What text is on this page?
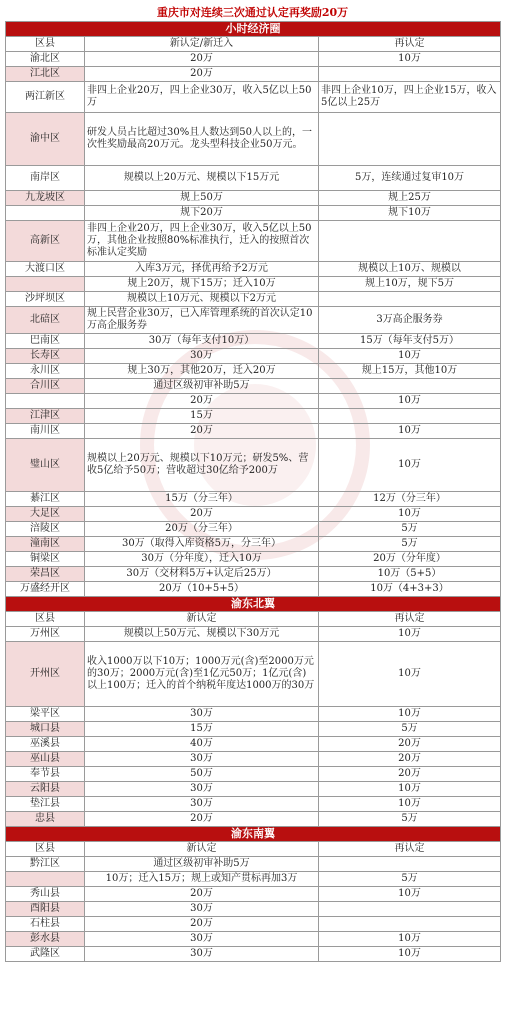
重庆市对连续三次通过认定再奖励20万
小时经济圈		
区县	新认定/新迁入	再认定
渝北区	20万	10万
江北区	20万	
两江新区	非四上企业20万，四上企业30万，收入5亿以上50万	非四上企业10万，四上企业15万，收入5亿以上25万
渝中区	研发人员占比超过30%且人数达到50人以上的，一次性奖励最高20万元。龙头型科技企业50万元。	
南岸区	规模以上20万元、规模以下15万元	5万，连续通过复审10万
九龙坡区	规上50万	规上25万
	规下20万	规下10万
高新区	非四上企业20万，四上企业30万，收入5亿以上50万，其他企业按照80%标准执行，迁入的按照首次标准认定奖励	
大渡口区	入库3万元，择优再给予2万元	规模以上10万、规模以
	规上20万，规下15万；迁入10万	规上10万，规下5万
沙坪坝区	规模以上10万元、规模以下2万元	
北碚区	规上民营企业30万，已入库管理系统的首次认定10万高企服务券	3万高企服务券
巴南区	30万（每年支付10万）	15万（每年支付5万）
长寿区	30万	10万
永川区	规上30万，其他20万，迁入20万	规上15万，其他10万
合川区	通过区级初审补助5万	
	20万	10万
江津区	15万	
南川区	20万	10万
璧山区	规模以上20万元、规模以下10万元；研发5%、营收5亿给予50万；营收超过30亿给予200万	10万
綦江区	15万（分三年）	12万（分三年）
大足区	20万	10万
涪陵区	20万（分三年）	5万
潼南区	30万（取得入库资格5万，分三年）	5万
铜梁区	30万（分年度），迁入10万	20万（分年度）
荣昌区	30万（交材料5万+认定后25万）	10万（5+5）
万盛经开区	20万（10+5+5）	10万（4+3+3）
渝东北翼		
区县	新认定	再认定
万州区	规模以上50万元、规模以下30万元	10万
开州区	收入1000万以下10万；1000万元(含)至2000万元的30万；2000万元(含)至1亿元50万；1亿元(含)以上100万；迁入的首个纳税年度达1000万的30万	10万
梁平区	30万	10万
城口县	15万	5万
巫溪县	40万	20万
巫山县	30万	20万
奉节县	50万	20万
云阳县	30万	10万
垫江县	30万	10万
忠县	20万	5万
渝东南翼		
区县	新认定	再认定
黔江区	通过区级初审补助5万	
	10万；迁入15万；规上或知产贯标再加3万	5万
秀山县	20万	10万
酉阳县	30万	
石柱县	20万	
彭水县	30万	10万
武隆区	30万	10万
